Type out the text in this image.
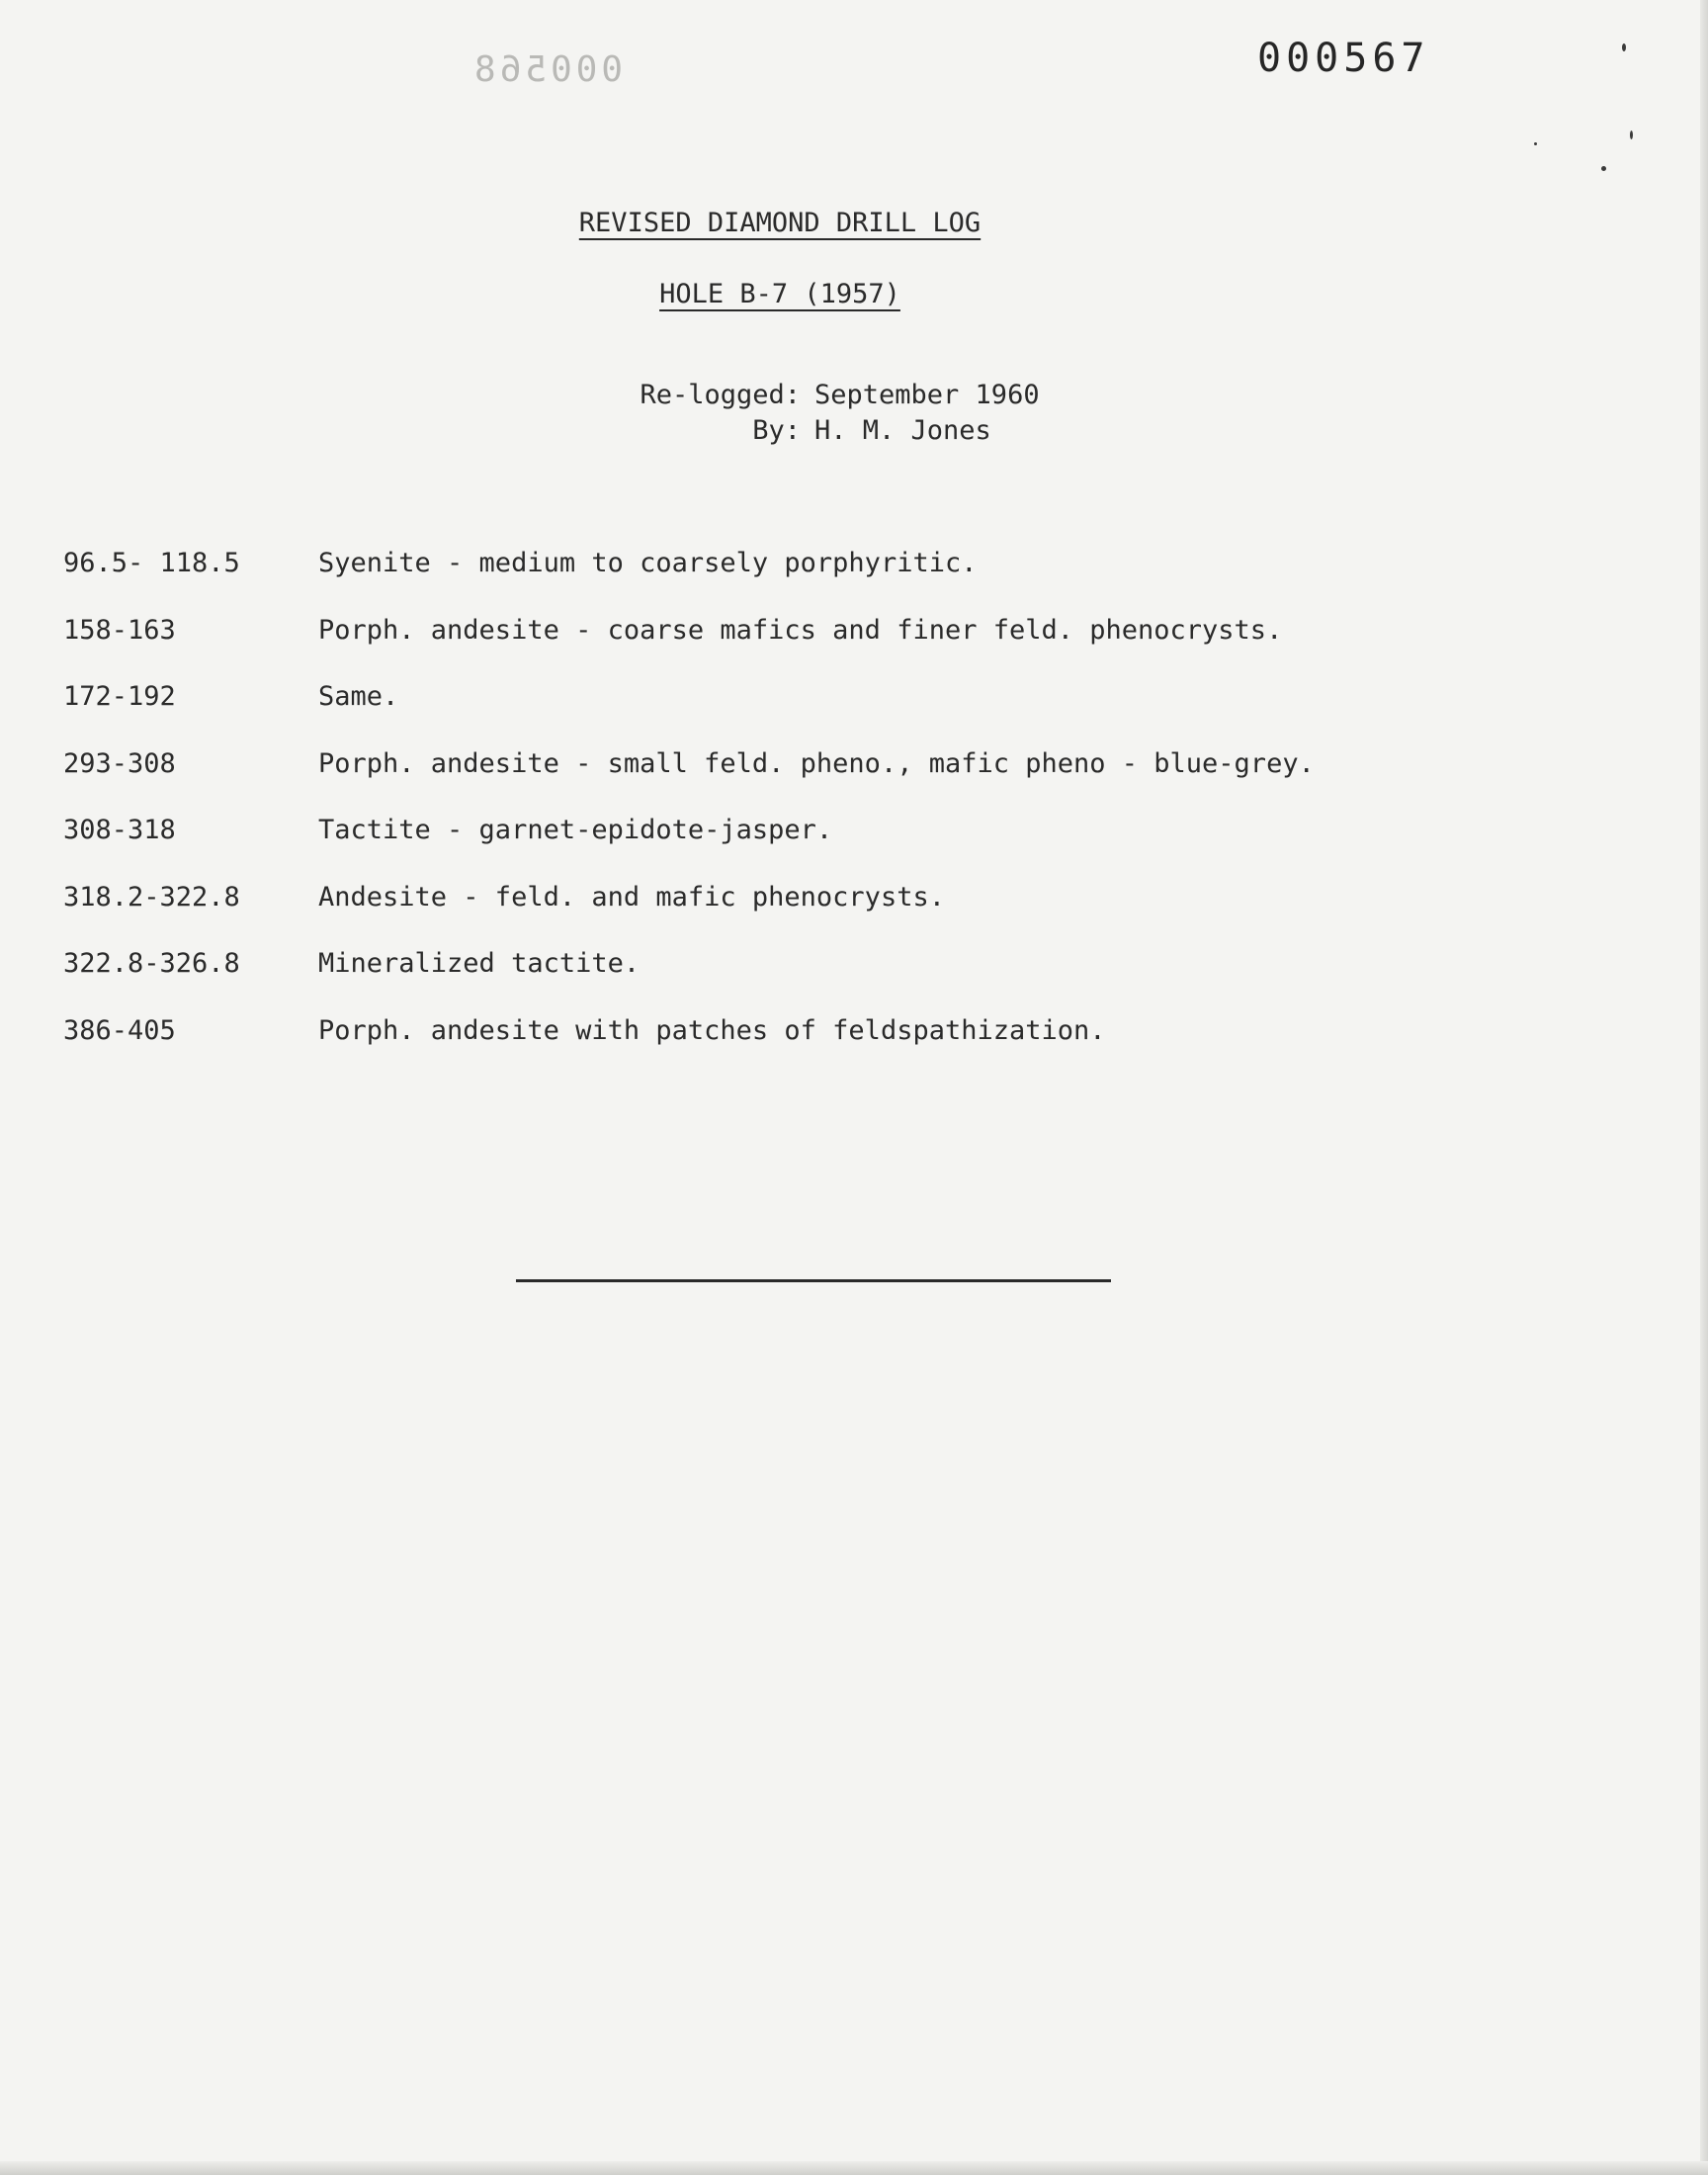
000568	000567
REVISED DIAMOND DRILL LOG
HOLE B-7 (1957)
Re-logged: September 1960
By: H. M. Jones
96.5- 118.5	Syenite - medium to coarsely porphyritic.
158-163	Porph. andesite - coarse mafics and finer feld. phenocrysts.
172-192	Same.
293-308	Porph. andesite - small feld. pheno., mafic pheno - blue-grey.
308-318	Tactite - garnet-epidote-jasper.
318.2-322.8	Andesite - feld. and mafic phenocrysts.
322.8-326.8	Mineralized tactite.
386-405	Porph. andesite with patches of feldspathization.
